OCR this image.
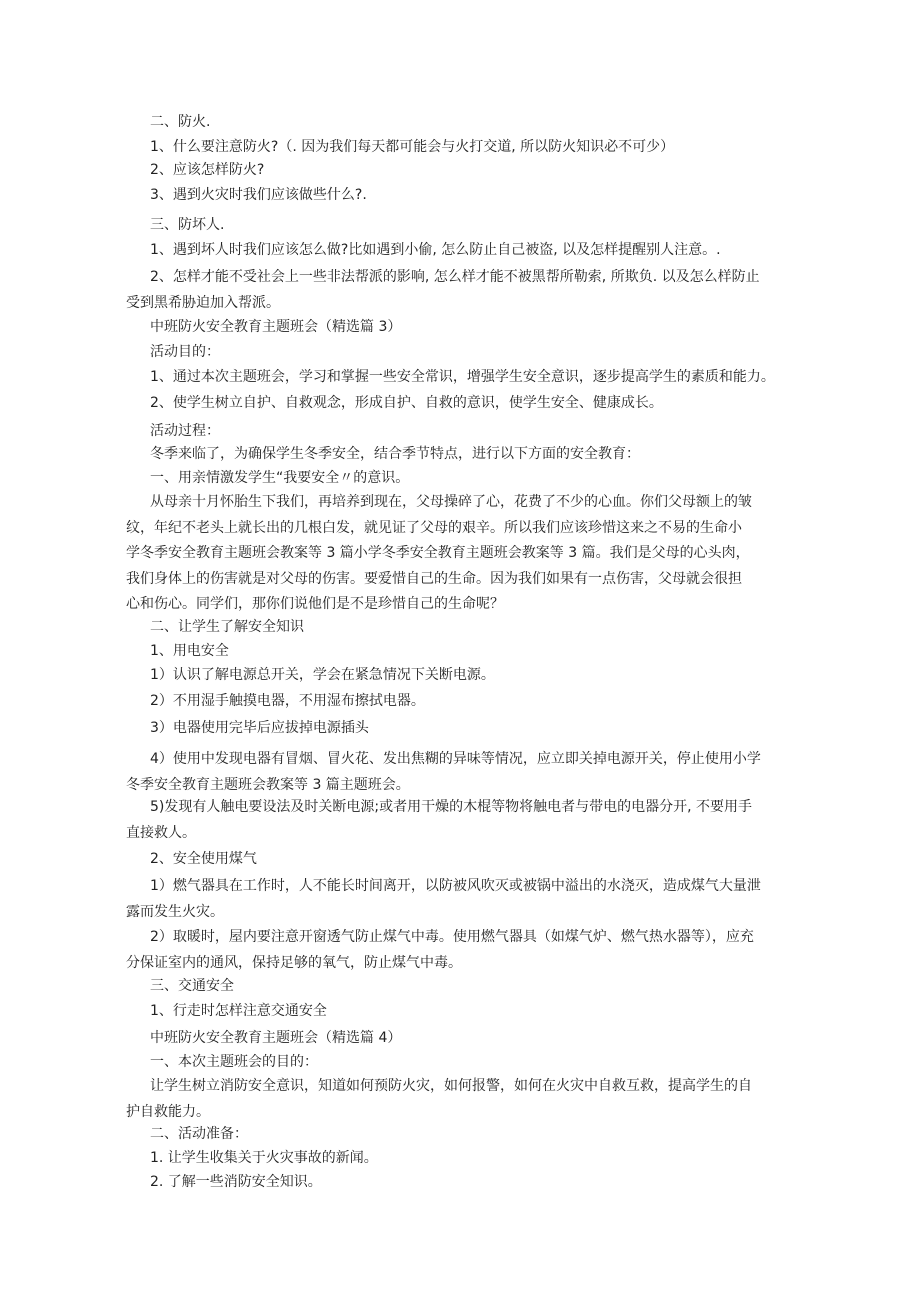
二、防火.
1、什么要注意防火?（. 因为我们每天都可能会与火打交道, 所以防火知识必不可少）
2、应该怎样防火?
3、遇到火灾时我们应该做些什么?.
三、防坏人.
1、遇到坏人时我们应该怎么做?比如遇到小偷, 怎么防止自己被盗, 以及怎样提醒别人注意。.
2、怎样才能不受社会上一些非法帮派的影响, 怎么样才能不被黑帮所勒索, 所欺负. 以及怎么样防止
受到黑希胁迫加入帮派。
中班防火安全教育主题班会（精选篇 3）
活动目的：
1、通过本次主题班会，学习和掌握一些安全常识，增强学生安全意识，逐步提高学生的素质和能力。
2、使学生树立自护、自救观念，形成自护、自救的意识，使学生安全、健康成长。
活动过程：
冬季来临了，为确保学生冬季安全，结合季节特点，进行以下方面的安全教育：
一、用亲情激发学生“我要安全〃的意识。
从母亲十月怀胎生下我们，再培养到现在，父母操碎了心，花费了不少的心血。你们父母额上的皱
纹，年纪不老头上就长出的几根白发，就见证了父母的艰辛。所以我们应该珍惜这来之不易的生命小
学冬季安全教育主题班会教案等 3 篇小学冬季安全教育主题班会教案等 3 篇。我们是父母的心头肉，
我们身体上的伤害就是对父母的伤害。要爱惜自己的生命。因为我们如果有一点伤害，父母就会很担
心和伤心。同学们，那你们说他们是不是珍惜自己的生命呢？
二、让学生了解安全知识
1、用电安全
1）认识了解电源总开关，学会在紧急情况下关断电源。
2）不用湿手触摸电器，不用湿布擦拭电器。
3）电器使用完毕后应拔掉电源插头
4）使用中发现电器有冒烟、冒火花、发出焦糊的异味等情况，应立即关掉电源开关，停止使用小学
冬季安全教育主题班会教案等 3 篇主题班会。
5)发现有人触电要设法及时关断电源;或者用干燥的木棍等物将触电者与带电的电器分开, 不要用手
直接救人。
2、安全使用煤气
1）燃气器具在工作时，人不能长时间离开，以防被风吹灭或被锅中溢出的水浇灭，造成煤气大量泄
露而发生火灾。
2）取暖时，屋内要注意开窗透气防止煤气中毒。使用燃气器具（如煤气炉、燃气热水器等），应充
分保证室内的通风，保持足够的氧气，防止煤气中毒。
三、交通安全
1、行走时怎样注意交通安全
中班防火安全教育主题班会（精选篇 4）
一、本次主题班会的目的：
让学生树立消防安全意识，知道如何预防火灾，如何报警，如何在火灾中自救互救，提高学生的自
护自救能力。
二、活动准备：
1. 让学生收集关于火灾事故的新闻。
2. 了解一些消防安全知识。
